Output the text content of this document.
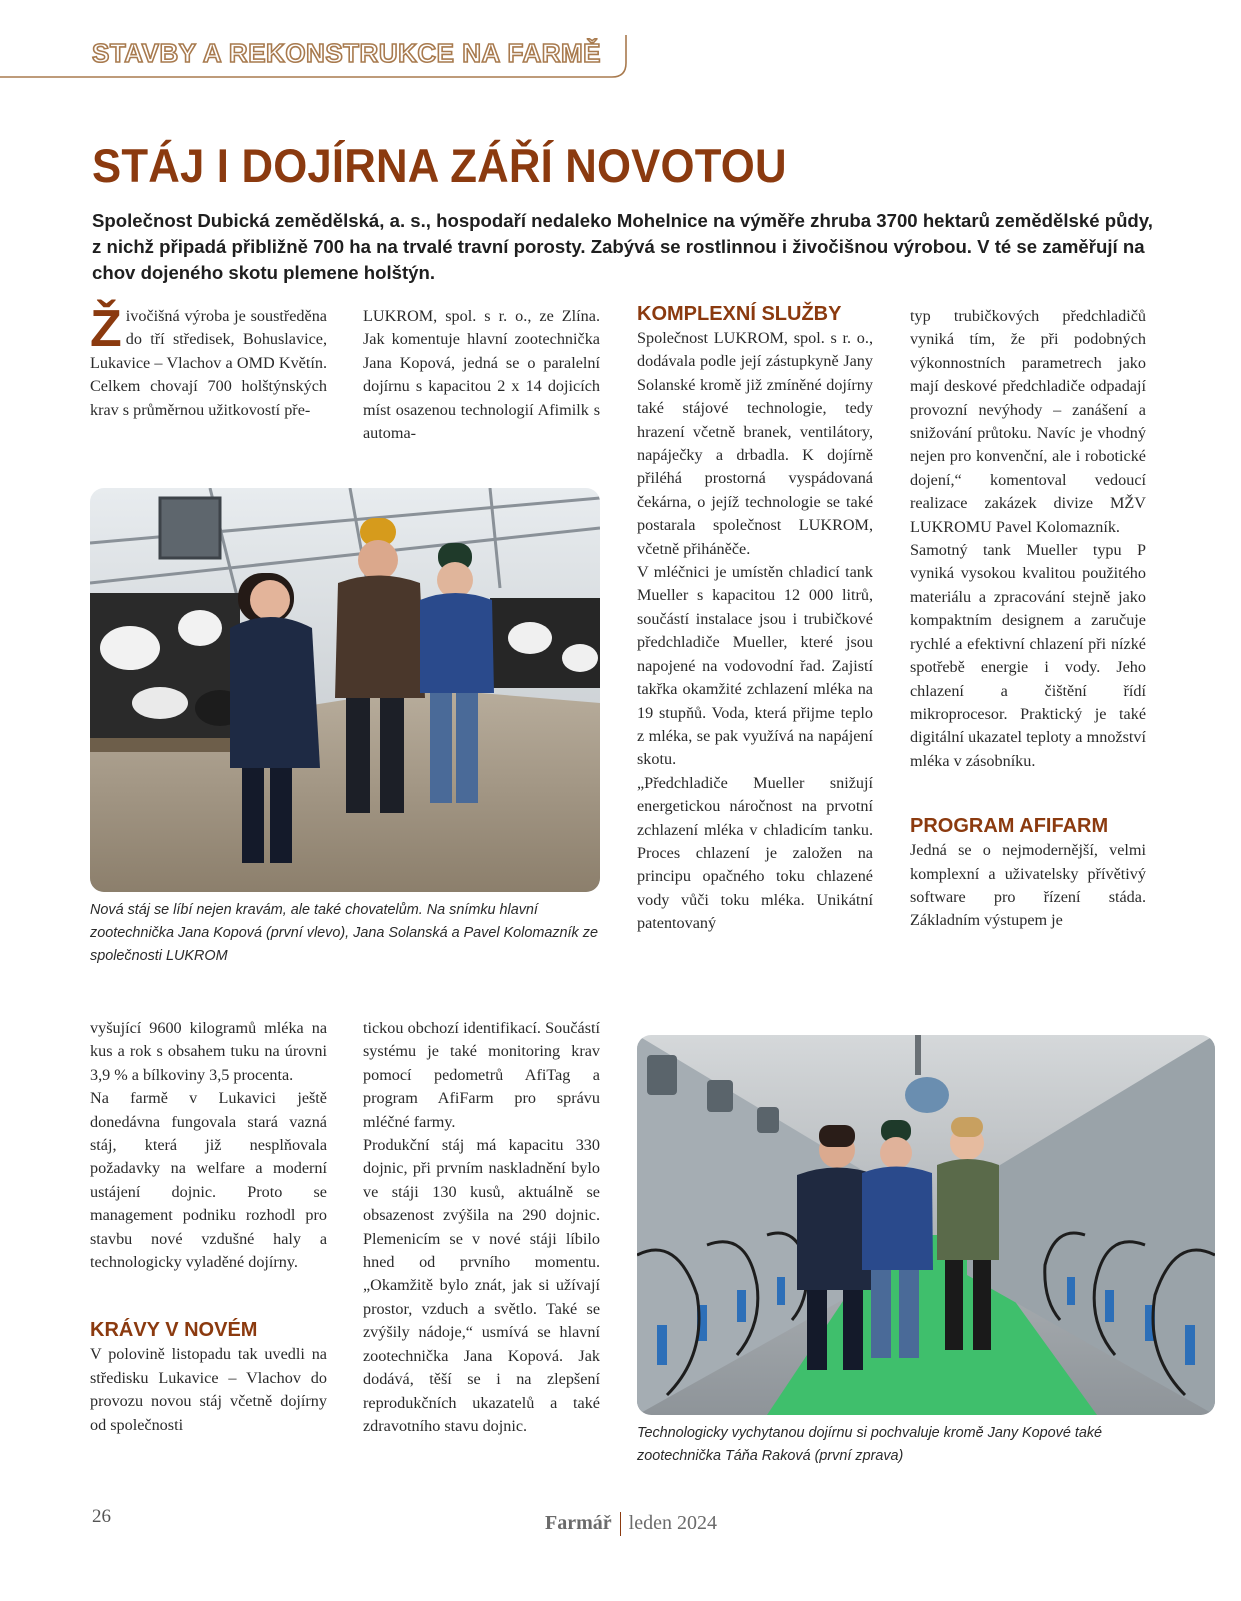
STAVBY A REKONSTRUKCE NA FARMĚ
STÁJ I DOJÍRNA ZÁŘÍ NOVOTOU
Společnost Dubická zemědělská, a. s., hospodaří nedaleko Mohelnice na výměře zhruba 3700 hektarů zemědělské půdy, z nichž připadá přibližně 700 ha na trvalé travní porosty. Zabývá se rostlinnou i živočišnou výrobou. V té se zaměřují na chov dojeného skotu plemene holštýn.
Ž ivočišná výroba je soustředěna do tří středisek, Bohuslavice, Lukavice – Vlachov a OMD Květín. Celkem chovají 700 holštýnských krav s průměrnou užitkovostí pře-

LUKROM, spol. s r. o., ze Zlína. Jak komentuje hlavní zootechnička Jana Kopová, jedná se o paralelní dojírnu s kapacitou 2 x 14 dojicích míst osazenou technologií Afimilk s automa-

Nová stáj se líbí nejen kravám, ale také chovatelům. Na snímku hlavní zootechnička Jana Kopová (první vlevo), Jana Solanská a Pavel Kolomazník ze společnosti LUKROM
KOMPLEXNÍ SLUŽBY

Společnost LUKROM, spol. s r. o., dodávala podle její zástupkyně Jany Solanské kromě již zmíněné dojírny také stájové technologie, tedy hrazení včetně branek, ventilátory, napáječky a drbadla. K dojírně přiléhá prostorná vyspádovaná čekárna, o jejíž technologie se také postarala společnost LUKROM, včetně přiháněče.

V mléčnici je umístěn chladicí tank Mueller s kapacitou 12 000 litrů, součástí instalace jsou i trubičkové předchladiče Mueller, které jsou napojené na vodovodní řad. Zajistí takřka okamžité zchlazení mléka na 19 stupňů. Voda, která přijme teplo z mléka, se pak využívá na napájení skotu.

„Předchladiče Mueller snižují energetickou náročnost na prvotní zchlazení mléka v chladicím tanku. Proces chlazení je založen na principu opačného toku chlazené vody vůči toku mléka. Unikátní patentovaný

typ trubičkových předchladičů vyniká tím, že při podobných výkonnostních parametrech jako mají deskové předchladiče odpadají provozní nevýhody – zanášení a snižování průtoku. Navíc je vhodný nejen pro konvenční, ale i robotické dojení,“ komentoval vedoucí realizace zakázek divize MŽV LUKROMU Pavel Kolomazník.

Samotný tank Mueller typu P vyniká vysokou kvalitou použitého materiálu a zpracování stejně jako kompaktním designem a zaručuje rychlé a efektivní chlazení při nízké spotřebě energie i vody. Jeho chlazení a čištění řídí mikroprocesor. Praktický je také digitální ukazatel teploty a množství mléka v zásobníku.

PROGRAM AFIFARM

Jedná se o nejmodernější, velmi komplexní a uživatelsky přívětivý software pro řízení stáda. Základním výstupem je

vyšující 9600 kilogramů mléka na kus a rok s obsahem tuku na úrovni 3,9 % a bílkoviny 3,5 procenta.

Na farmě v Lukavici ještě donedávna fungovala stará vazná stáj, která již nesplňovala požadavky na welfare a moderní ustájení dojnic. Proto se management podniku rozhodl pro stavbu nové vzdušné haly a technologicky vyladěné dojírny.

KRÁVY V NOVÉM

V polovině listopadu tak uvedli na středisku Lukavice – Vlachov do provozu novou stáj včetně dojírny od společnosti

tickou obchozí identifikací. Součástí systému je také monitoring krav pomocí pedometrů AfiTag a program AfiFarm pro správu mléčné farmy.

Produkční stáj má kapacitu 330 dojnic, při prvním naskladnění bylo ve stáji 130 kusů, aktuálně se obsazenost zvýšila na 290 dojnic. Plemenicím se v nové stáji líbilo hned od prvního momentu. „Okamžitě bylo znát, jak si užívají prostor, vzduch a světlo. Také se zvýšily nádoje,“ usmívá se hlavní zootechnička Jana Kopová. Jak dodává, těší se i na zlepšení reprodukčních ukazatelů a také zdravotního stavu dojnic.	Technologicky vychytanou dojírnu si pochvaluje kromě Jany Kopové také zootechnička Táňa Raková (první zprava)
26	Farmář leden 2024
